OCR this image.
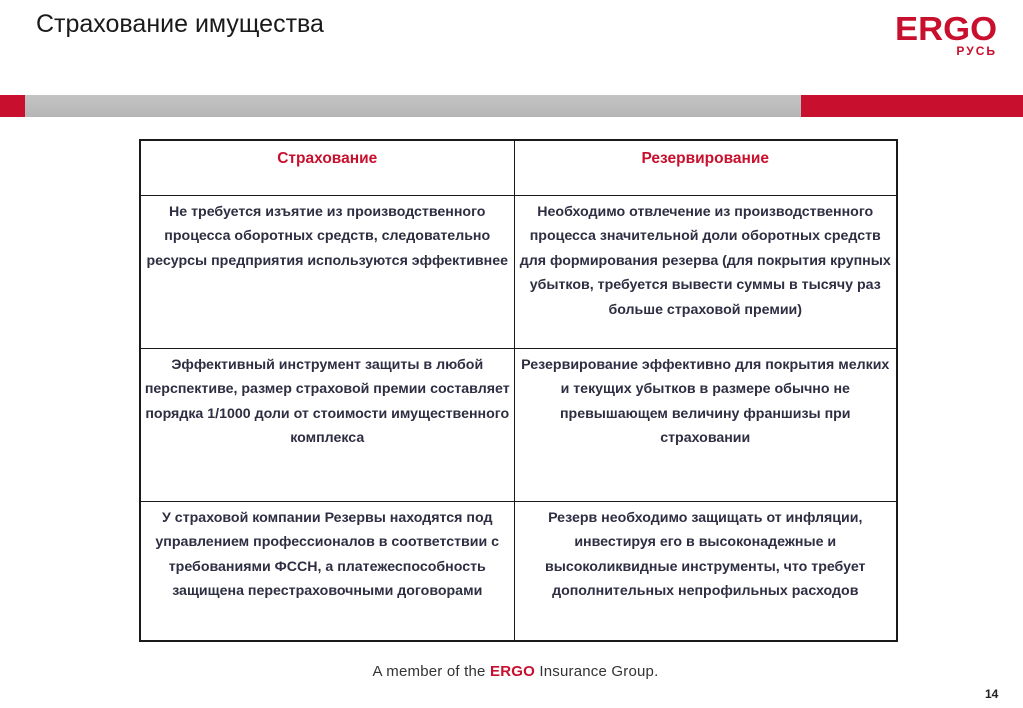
Страхование имущества	ERGO
РУСЬ
Страхование	Резервирование
Не требуется изъятие из производственного процесса оборотных средств, следовательно ресурсы предприятия используются эффективнее	Необходимо отвлечение из производственного процесса значительной доли оборотных средств для формирования резерва (для покрытия крупных убытков, требуется вывести суммы в тысячу раз больше страховой премии)
Эффективный инструмент защиты в любой перспективе, размер страховой премии составляет порядка 1/1000 доли от стоимости имущественного комплекса	Резервирование эффективно для покрытия мелких и текущих убытков в размере обычно не превышающем величину франшизы при страховании
У страховой компании Резервы находятся под управлением профессионалов в соответствии с требованиями ФССН, а платежеспособность защищена перестраховочными договорами	Резерв необходимо защищать от инфляции, инвестируя его в высоконадежные и высоколиквидные инструменты, что требует дополнительных непрофильных расходов
A member of the ERGO Insurance Group.
14
